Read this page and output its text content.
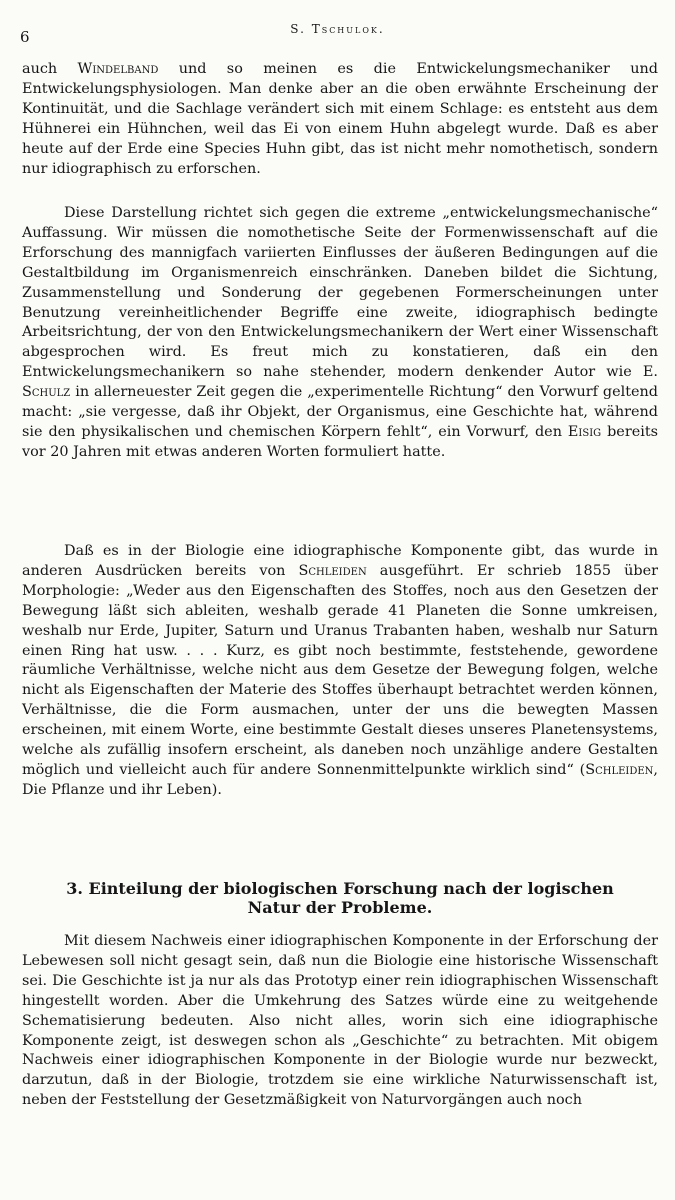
6	S. Tschulok.

auch Windelband und so meinen es die Entwickelungsmechaniker und Entwickelungsphysiologen. Man denke aber an die oben erwähnte Erscheinung der Kontinuität, und die Sachlage verändert sich mit einem Schlage: es entsteht aus dem Hühnerei ein Hühnchen, weil das Ei von einem Huhn abgelegt wurde. Daß es aber heute auf der Erde eine Species Huhn gibt, das ist nicht mehr nomothetisch, sondern nur idiographisch zu erforschen.

Diese Darstellung richtet sich gegen die extreme „entwickelungsmechanische“ Auffassung. Wir müssen die nomothetische Seite der Formenwissenschaft auf die Erforschung des mannigfach variierten Einflusses der äußeren Bedingungen auf die Gestaltbildung im Organismenreich einschränken. Daneben bildet die Sichtung, Zusammenstellung und Sonderung der gegebenen Formerscheinungen unter Benutzung vereinheitlichender Begriffe eine zweite, idiographisch bedingte Arbeitsrichtung, der von den Entwickelungsmechanikern der Wert einer Wissenschaft abgesprochen wird. Es freut mich zu konstatieren, daß ein den Entwickelungsmechanikern so nahe stehender, modern denkender Autor wie E. Schulz in allerneuester Zeit gegen die „experimentelle Richtung“ den Vorwurf geltend macht: „sie vergesse, daß ihr Objekt, der Organismus, eine Geschichte hat, während sie den physikalischen und chemischen Körpern fehlt“, ein Vorwurf, den Eisig bereits vor 20 Jahren mit etwas anderen Worten formuliert hatte.

Daß es in der Biologie eine idiographische Komponente gibt, das wurde in anderen Ausdrücken bereits von Schleiden ausgeführt. Er schrieb 1855 über Morphologie: „Weder aus den Eigenschaften des Stoffes, noch aus den Gesetzen der Bewegung läßt sich ableiten, weshalb gerade 41 Planeten die Sonne umkreisen, weshalb nur Erde, Jupiter, Saturn und Uranus Trabanten haben, weshalb nur Saturn einen Ring hat usw. . . . Kurz, es gibt noch bestimmte, feststehende, gewordene räumliche Verhältnisse, welche nicht aus dem Gesetze der Bewegung folgen, welche nicht als Eigenschaften der Materie des Stoffes überhaupt betrachtet werden können, Verhältnisse, die die Form ausmachen, unter der uns die bewegten Massen erscheinen, mit einem Worte, eine bestimmte Gestalt dieses unseres Planetensystems, welche als zufällig insofern erscheint, als daneben noch unzählige andere Gestalten möglich und vielleicht auch für andere Sonnenmittelpunkte wirklich sind“ (Schleiden, Die Pflanze und ihr Leben).

3. Einteilung der biologischen Forschung nach der logischen
Natur der Probleme.

Mit diesem Nachweis einer idiographischen Komponente in der Erforschung der Lebewesen soll nicht gesagt sein, daß nun die Biologie eine historische Wissenschaft sei. Die Geschichte ist ja nur als das Prototyp einer rein idiographischen Wissenschaft hingestellt worden. Aber die Umkehrung des Satzes würde eine zu weitgehende Schematisierung bedeuten. Also nicht alles, worin sich eine idiographische Komponente zeigt, ist deswegen schon als „Geschichte“ zu betrachten. Mit obigem Nachweis einer idiographischen Komponente in der Biologie wurde nur bezweckt, darzutun, daß in der Biologie, trotzdem sie eine wirkliche Naturwissenschaft ist, neben der Feststellung der Gesetzmäßigkeit von Naturvorgängen auch noch
